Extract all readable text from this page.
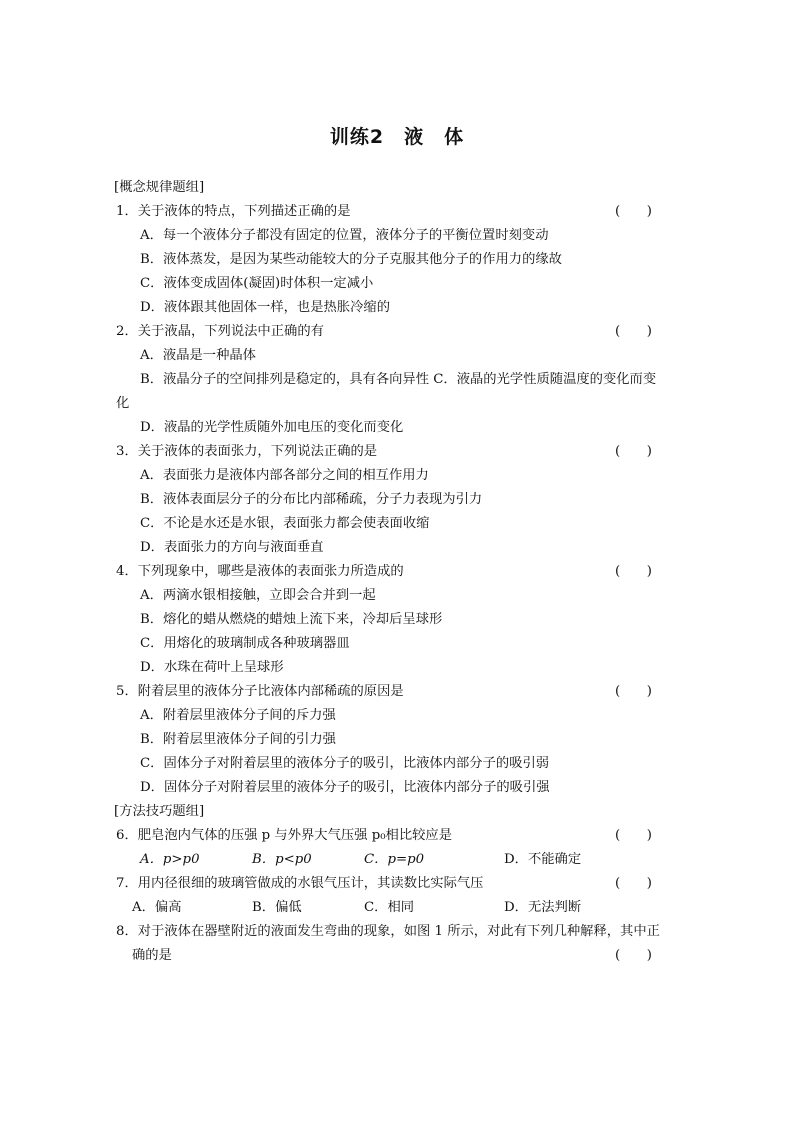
训练2　液　体
[概念规律题组]
1．关于液体的特点，下列描述正确的是	(　　)
A．每一个液体分子都没有固定的位置，液体分子的平衡位置时刻变动
B．液体蒸发，是因为某些动能较大的分子克服其他分子的作用力的缘故
C．液体变成固体(凝固)时体积一定减小
D．液体跟其他固体一样，也是热胀冷缩的
2．关于液晶，下列说法中正确的有	(　　)
A．液晶是一种晶体
B．液晶分子的空间排列是稳定的，具有各向异性 C．液晶的光学性质随温度的变化而变
化
D．液晶的光学性质随外加电压的变化而变化
3．关于液体的表面张力，下列说法正确的是	(　　)
A．表面张力是液体内部各部分之间的相互作用力
B．液体表面层分子的分布比内部稀疏，分子力表现为引力
C．不论是水还是水银，表面张力都会使表面收缩
D．表面张力的方向与液面垂直
4．下列现象中，哪些是液体的表面张力所造成的	(　　)
A．两滴水银相接触，立即会合并到一起
B．熔化的蜡从燃烧的蜡烛上流下来，冷却后呈球形
C．用熔化的玻璃制成各种玻璃器皿
D．水珠在荷叶上呈球形
5．附着层里的液体分子比液体内部稀疏的原因是	(　　)
A．附着层里液体分子间的斥力强
B．附着层里液体分子间的引力强
C．固体分子对附着层里的液体分子的吸引，比液体内部分子的吸引弱
D．固体分子对附着层里的液体分子的吸引，比液体内部分子的吸引强
[方法技巧题组]
6．肥皂泡内气体的压强 p 与外界大气压强 p₀相比较应是	(　　)
A．p>p0	B．p<p0	C．p=p0	D．不能确定
7．用内径很细的玻璃管做成的水银气压计，其读数比实际气压	(　　)
A．偏高	B．偏低	C．相同	D．无法判断
8．对于液体在器壁附近的液面发生弯曲的现象，如图 1 所示，对此有下列几种解释，其中正
确的是	(　　)
